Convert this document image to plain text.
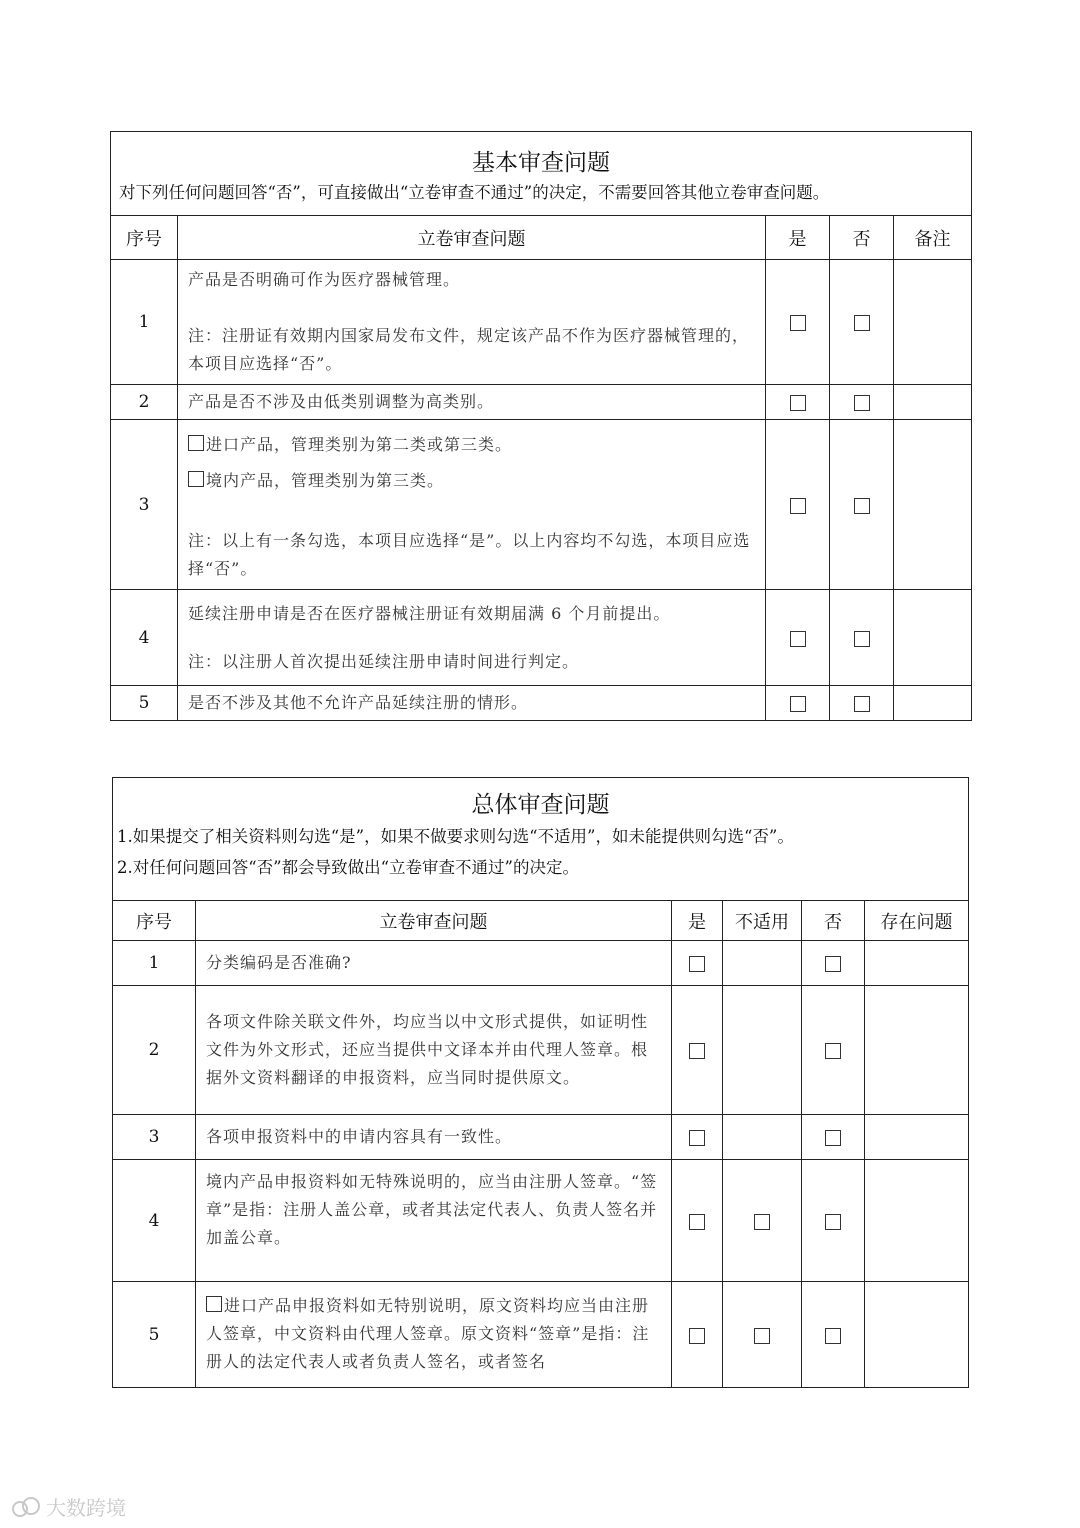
基本审查问题
对下列任何问题回答“否”，可直接做出“立卷审查不通过”的决定，不需要回答其他立卷审查问题。				

序号	立卷审查问题	是	否	备注
1	产品是否明确可作为医疗器械管理。

注：注册证有效期内国家局发布文件，规定该产品不作为医疗器械管理的，本项目应选择“否”。			

2	产品是否不涉及由低类别调整为高类别。			

3	进口产品，管理类别为第二类或第三类。

境内产品，管理类别为第三类。

注：以上有一条勾选，本项目应选择“是”。以上内容均不勾选，本项目应选择“否”。			

4	延续注册申请是否在医疗器械注册证有效期届满 6 个月前提出。

注：以注册人首次提出延续注册申请时间进行判定。			

5	是否不涉及其他不允许产品延续注册的情形。			

总体审查问题
1.如果提交了相关资料则勾选“是”，如果不做要求则勾选“不适用”，如未能提供则勾选“否”。
2.对任何问题回答“否”都会导致做出“立卷审查不通过”的决定。					

序号	立卷审查问题	是	不适用	否	存在问题
1	分类编码是否准确?				

2	各项文件除关联文件外，均应当以中文形式提供，如证明性文件为外文形式，还应当提供中文译本并由代理人签章。根据外文资料翻译的申报资料，应当同时提供原文。				

3	各项申报资料中的申请内容具有一致性。				

4	境内产品申报资料如无特殊说明的，应当由注册人签章。“签章”是指：注册人盖公章，或者其法定代表人、负责人签名并加盖公章。				

5	进口产品申报资料如无特别说明，原文资料均应当由注册人签章，中文资料由代理人签章。原文资料“签章”是指：注册人的法定代表人或者负责人签名，或者签名				

大数跨境
